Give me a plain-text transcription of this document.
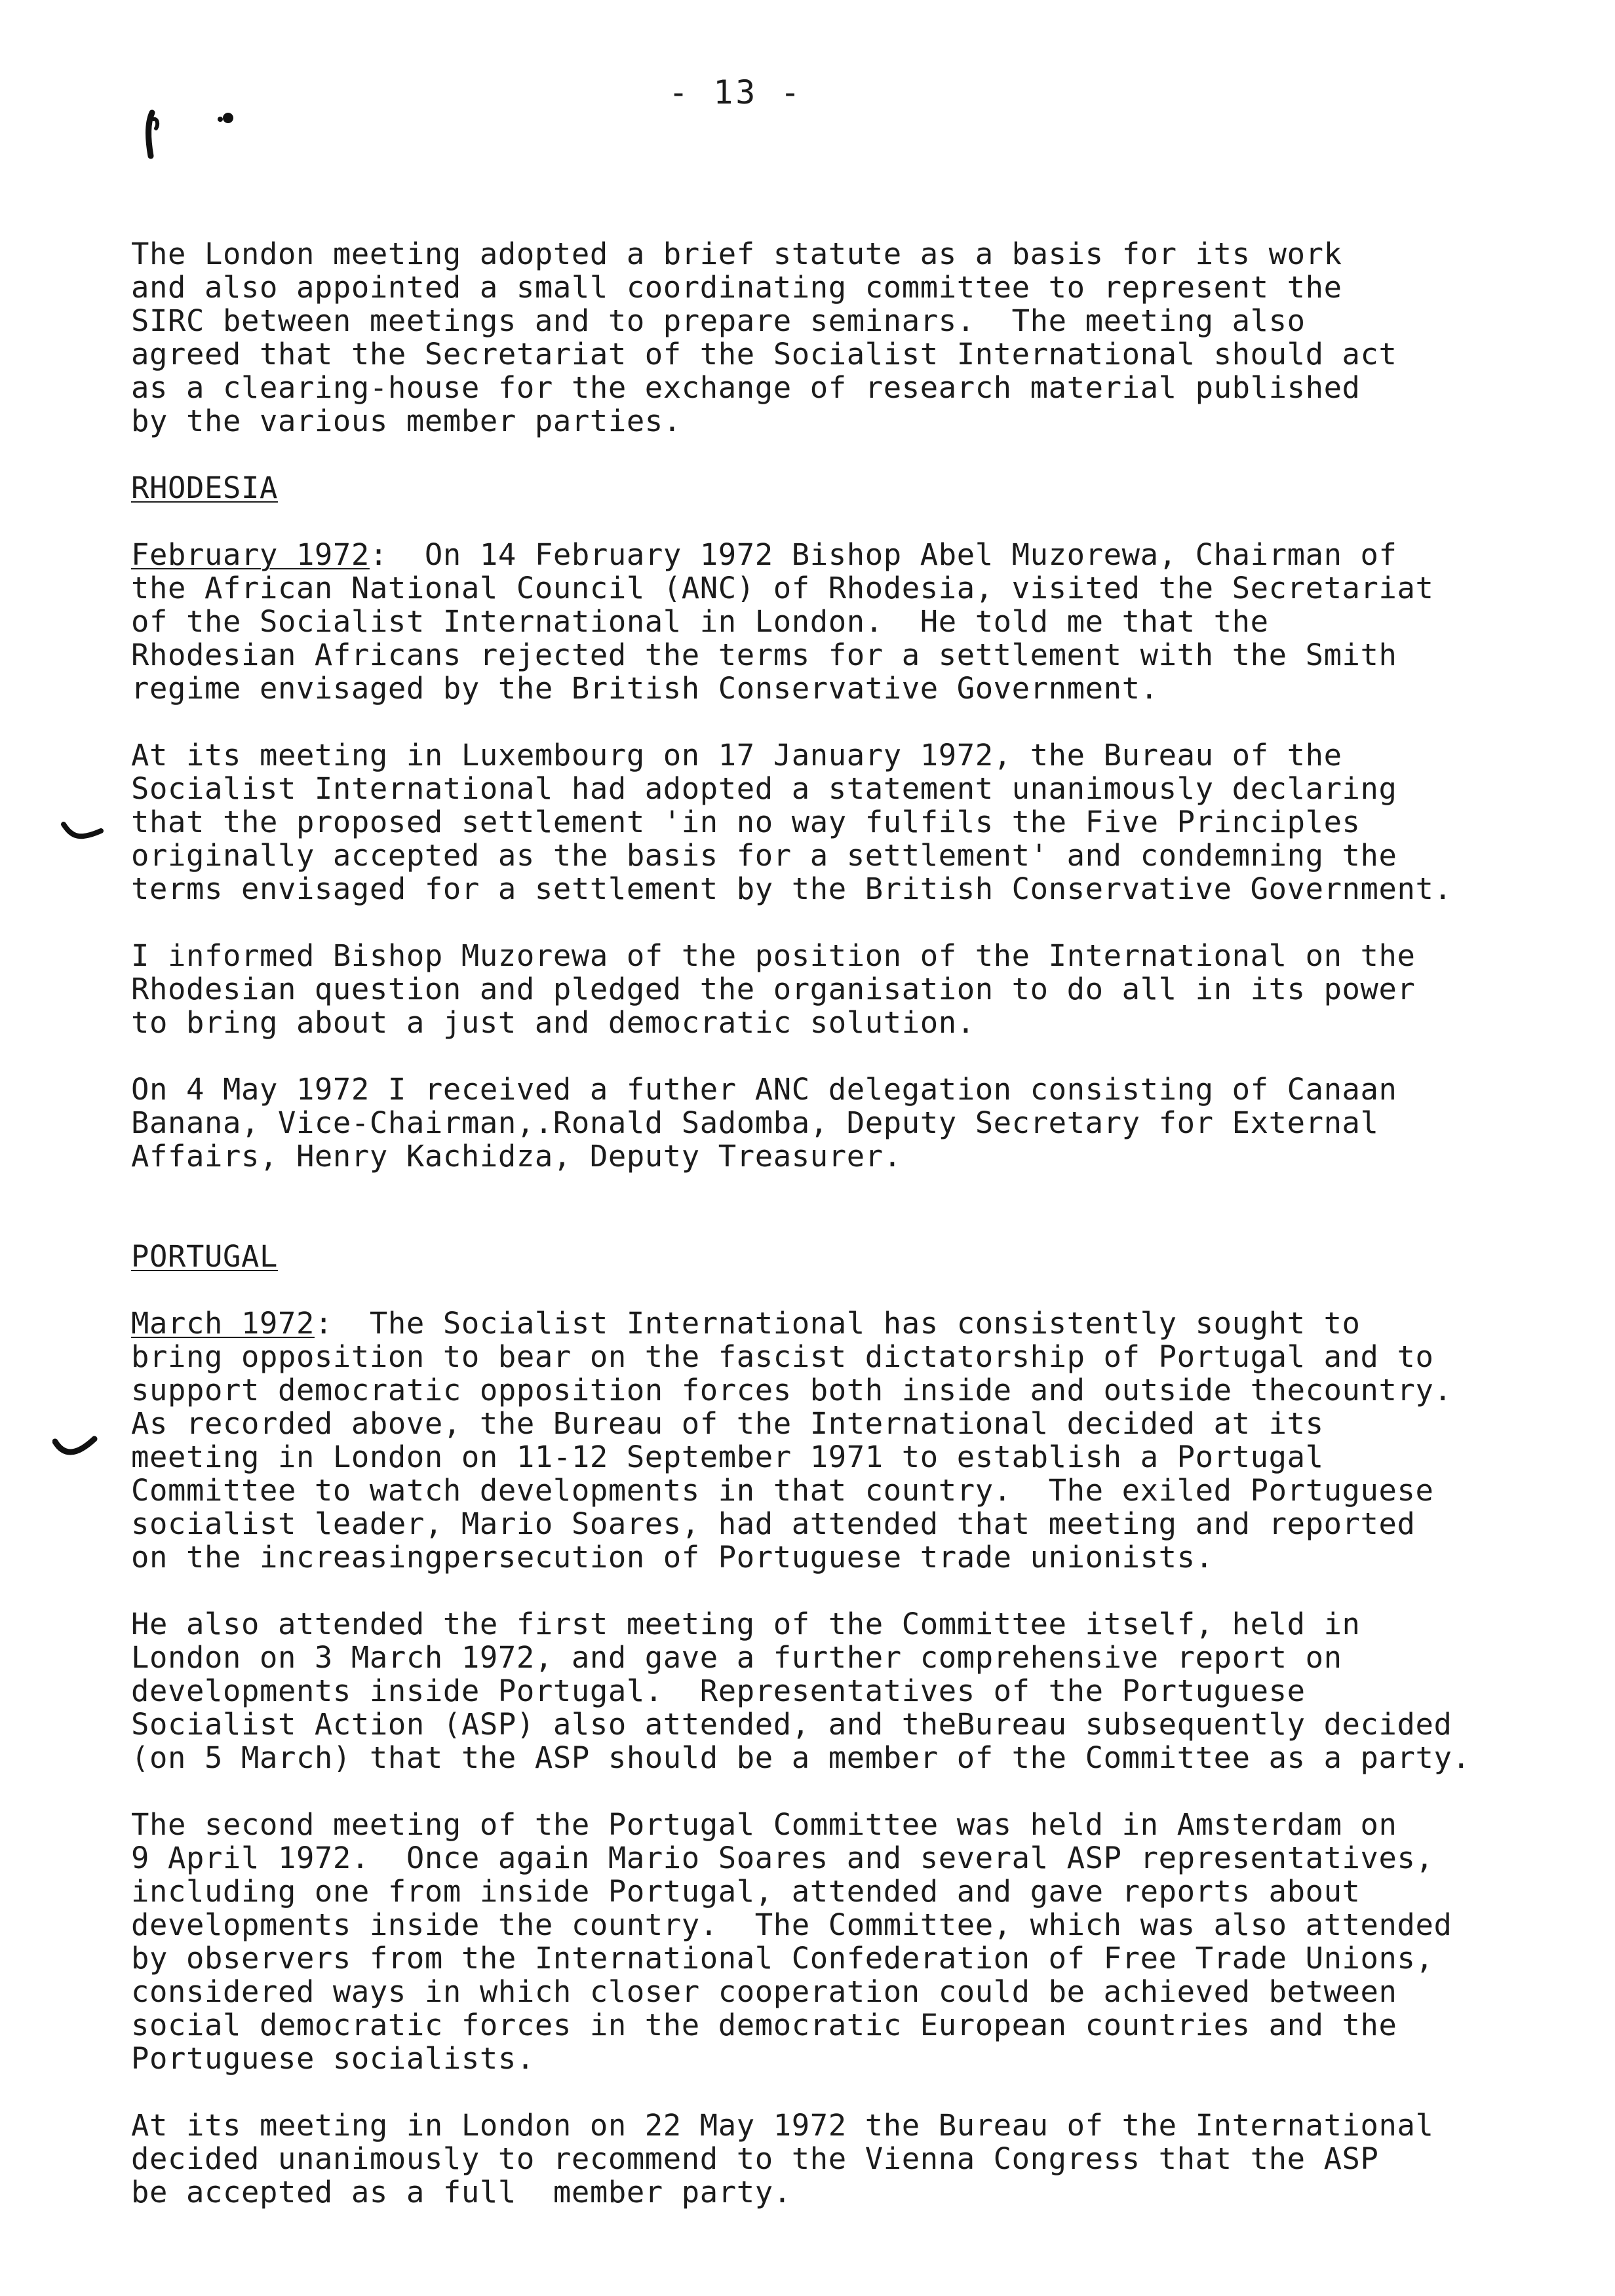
- 13 -
The London meeting adopted a brief statute as a basis for its work
and also appointed a small coordinating committee to represent the
SIRC between meetings and to prepare seminars.  The meeting also
agreed that the Secretariat of the Socialist International should act
as a clearing-house for the exchange of research material published
by the various member parties.
RHODESIA
February 1972:  On 14 February 1972 Bishop Abel Muzorewa, Chairman of
the African National Council (ANC) of Rhodesia, visited the Secretariat
of the Socialist International in London.  He told me that the
Rhodesian Africans rejected the terms for a settlement with the Smith
regime envisaged by the British Conservative Government.
At its meeting in Luxembourg on 17 January 1972, the Bureau of the
Socialist International had adopted a statement unanimously declaring
that the proposed settlement 'in no way fulfils the Five Principles
originally accepted as the basis for a settlement' and condemning the
terms envisaged for a settlement by the British Conservative Government.
I informed Bishop Muzorewa of the position of the International on the
Rhodesian question and pledged the organisation to do all in its power
to bring about a just and democratic solution.
On 4 May 1972 I received a futher ANC delegation consisting of Canaan
Banana, Vice-Chairman,.Ronald Sadomba, Deputy Secretary for External
Affairs, Henry Kachidza, Deputy Treasurer.
PORTUGAL
March 1972:  The Socialist International has consistently sought to
bring opposition to bear on the fascist dictatorship of Portugal and to
support democratic opposition forces both inside and outside thecountry.
As recorded above, the Bureau of the International decided at its
meeting in London on 11-12 September 1971 to establish a Portugal
Committee to watch developments in that country.  The exiled Portuguese
socialist leader, Mario Soares, had attended that meeting and reported
on the increasingpersecution of Portuguese trade unionists.
He also attended the first meeting of the Committee itself, held in
London on 3 March 1972, and gave a further comprehensive report on
developments inside Portugal.  Representatives of the Portuguese
Socialist Action (ASP) also attended, and theBureau subsequently decided
(on 5 March) that the ASP should be a member of the Committee as a party.
The second meeting of the Portugal Committee was held in Amsterdam on
9 April 1972.  Once again Mario Soares and several ASP representatives,
including one from inside Portugal, attended and gave reports about
developments inside the country.  The Committee, which was also attended
by observers from the International Confederation of Free Trade Unions,
considered ways in which closer cooperation could be achieved between
social democratic forces in the democratic European countries and the
Portuguese socialists.
At its meeting in London on 22 May 1972 the Bureau of the International
decided unanimously to recommend to the Vienna Congress that the ASP
be accepted as a full  member party.
